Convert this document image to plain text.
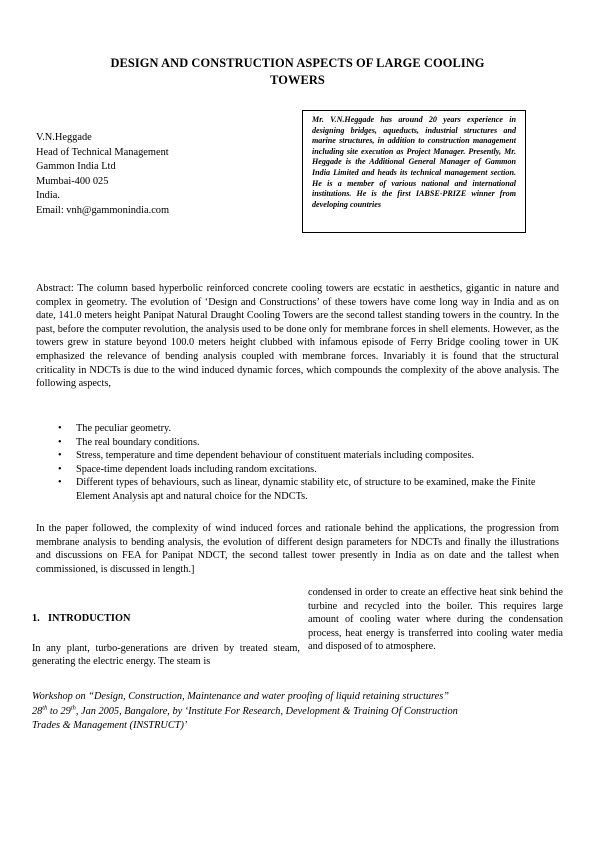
DESIGN AND CONSTRUCTION ASPECTS OF LARGE COOLING
TOWERS
V.N.Heggade
Head of Technical Management
Gammon India Ltd
Mumbai-400 025
India.
Email: vnh@gammonindia.com
Mr. V.N.Heggade has around 20 years experience in designing bridges, aqueducts, industrial structures and marine structures, in addition to construction management including site execution as Project Manager. Presently, Mr. Heggade is the Additional General Manager of Gammon India Limited and heads its technical management section. He is a member of various national and international institutions. He is the first IABSE-PRIZE winner from developing countries
Abstract: The column based hyperbolic reinforced concrete cooling towers are ecstatic in aesthetics, gigantic in nature and complex in geometry. The evolution of ‘Design and Constructions’ of these towers have come long way in India and as on date, 141.0 meters height Panipat Natural Draught Cooling Towers are the second tallest standing towers in the country. In the past, before the computer revolution, the analysis used to be done only for membrane forces in shell elements. However, as the towers grew in stature beyond 100.0 meters height clubbed with infamous episode of Ferry Bridge cooling tower in UK emphasized the relevance of bending analysis coupled with membrane forces. Invariably it is found that the structural criticality in NDCTs is due to the wind induced dynamic forces, which compounds the complexity of the above analysis. The following aspects,
• The peculiar geometry.
• The real boundary conditions.
• Stress, temperature and time dependent behaviour of constituent materials including composites.
• Space-time dependent loads including random excitations.
• Different types of behaviours, such as linear, dynamic stability etc, of structure to be examined, make the Finite Element Analysis apt and natural choice for the NDCTs.
In the paper followed, the complexity of wind induced forces and rationale behind the applications, the progression from membrane analysis to bending analysis, the evolution of different design parameters for NDCTs and finally the illustrations and discussions on FEA for Panipat NDCT, the second tallest tower presently in India as on date and the tallest when commissioned, is discussed in length.]
1. INTRODUCTION

In any plant, turbo-generations are driven by treated steam, generating the electric energy. The steam is

condensed in order to create an effective heat sink behind the turbine and recycled into the boiler. This requires large amount of cooling water where during the condensation process, heat energy is transferred into cooling water media and disposed of to atmosphere.
Workshop on “Design, Construction, Maintenance and water proofing of liquid retaining structures”
28th to 29th, Jan 2005, Bangalore, by ‘Institute For Research, Development & Training Of Construction
Trades & Management (INSTRUCT)’
